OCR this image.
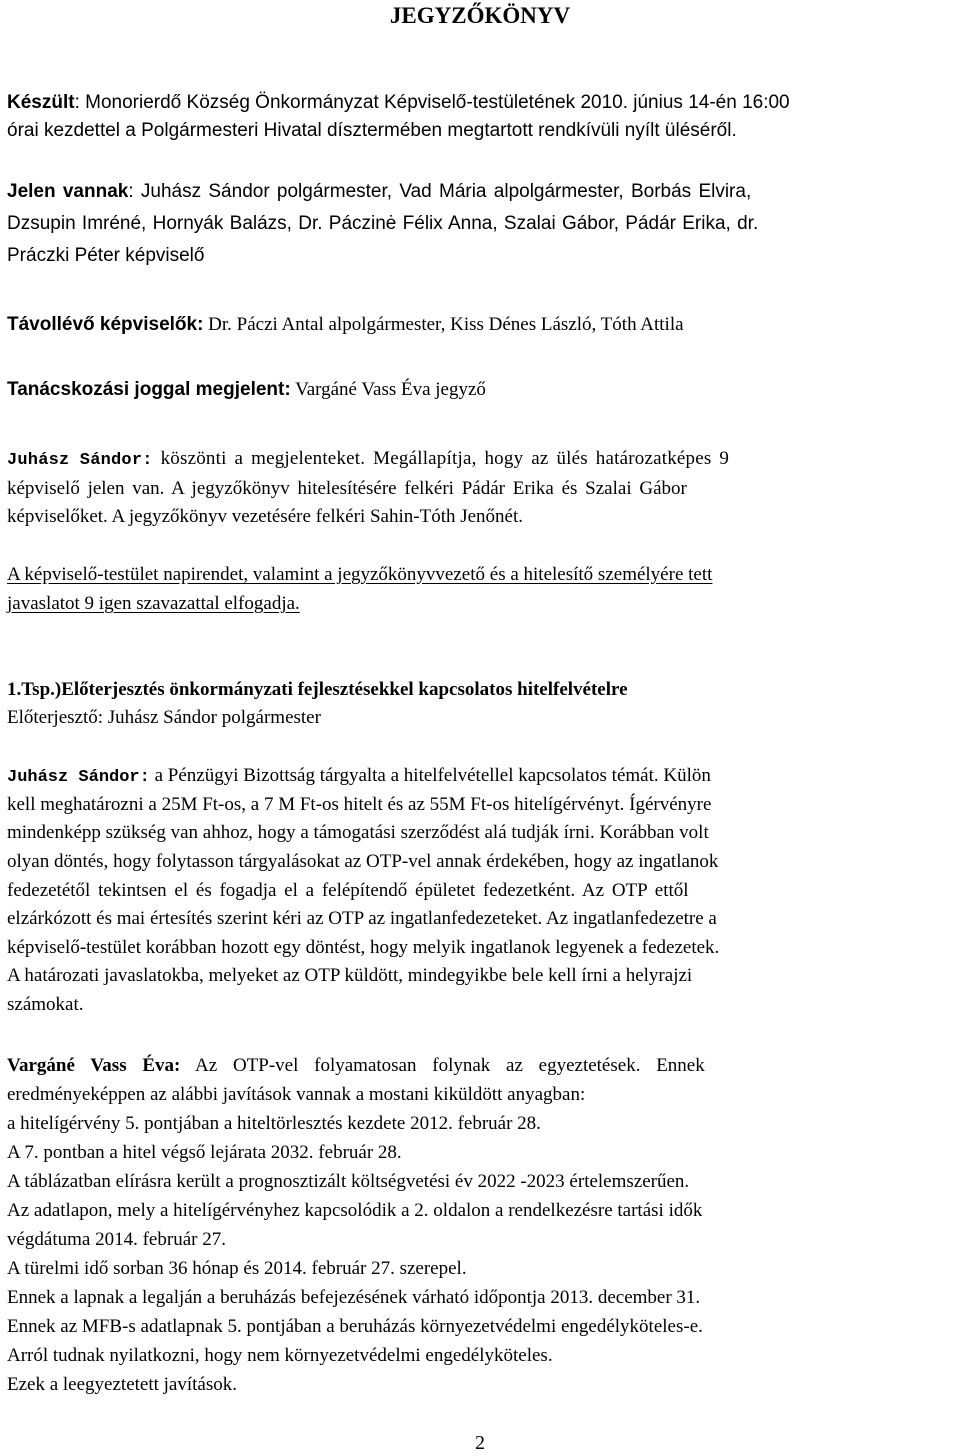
JEGYZŐKÖNYV
Készült: Monorierdő Község Önkormányzat Képviselő-testületének 2010. június 14-én 16:00
órai kezdettel a Polgármesteri Hivatal dísztermében megtartott rendkívüli nyílt üléséről.
Jelen vannak: Juhász Sándor polgármester, Vad Mária alpolgármester, Borbás Elvira,
Dzsupin Imréné, Hornyák Balázs, Dr. Páczinė Félix Anna, Szalai Gábor, Pádár Erika, dr.
Práczki Péter képviselő
Távollévő képviselők: Dr. Páczi Antal alpolgármester, Kiss Dénes László, Tóth Attila
Tanácskozási joggal megjelent: Vargáné Vass Éva jegyző
Juhász Sándor: köszönti a megjelenteket. Megállapítja, hogy az ülés határozatképes 9
képviselő jelen van. A jegyzőkönyv hitelesítésére felkéri Pádár Erika és Szalai Gábor
képviselőket. A jegyzőkönyv vezetésére felkéri Sahin-Tóth Jenőnét.
A képviselő-testület napirendet, valamint a jegyzőkönyvvezető és a hitelesítő személyére tett
javaslatot 9 igen szavazattal elfogadja.
1.Tsp.)Előterjesztés önkormányzati fejlesztésekkel kapcsolatos hitelfelvételre
Előterjesztő: Juhász Sándor polgármester
Juhász Sándor: a Pénzügyi Bizottság tárgyalta a hitelfelvétellel kapcsolatos témát. Külön
kell meghatározni a 25M Ft-os, a 7 M Ft-os hitelt és az 55M Ft-os hitelígérvényt. Ígérvényre
mindenképp szükség van ahhoz, hogy a támogatási szerződést alá tudják írni. Korábban volt
olyan döntés, hogy folytasson tárgyalásokat az OTP-vel annak érdekében, hogy az ingatlanok
fedezetétől tekintsen el és fogadja el a felépítendő épületet fedezetként. Az OTP ettől
elzárkózott és mai értesítés szerint kéri az OTP az ingatlanfedezeteket. Az ingatlanfedezetre a
képviselő-testület korábban hozott egy döntést, hogy melyik ingatlanok legyenek a fedezetek.
A határozati javaslatokba, melyeket az OTP küldött, mindegyikbe bele kell írni a helyrajzi
számokat.
Vargáné Vass Éva: Az OTP-vel folyamatosan folynak az egyeztetések. Ennek
eredményeképpen az alábbi javítások vannak a mostani kiküldött anyagban:
a hitelígérvény 5. pontjában a hiteltörlesztés kezdete 2012. február 28.
A 7. pontban a hitel végső lejárata 2032. február 28.
A táblázatban elírásra került a prognosztizált költségvetési év 2022 -2023 értelemszerűen.
Az adatlapon, mely a hitelígérvényhez kapcsolódik a 2. oldalon a rendelkezésre tartási idők
végdátuma 2014. február 27.
A türelmi idő sorban 36 hónap és 2014. február 27. szerepel.
Ennek a lapnak a legalján a beruházás befejezésének várható időpontja 2013. december 31.
Ennek az MFB-s adatlapnak 5. pontjában a beruházás környezetvédelmi engedélyköteles-e.
Arról tudnak nyilatkozni, hogy nem környezetvédelmi engedélyköteles.
Ezek a leegyeztetett javítások.
2
